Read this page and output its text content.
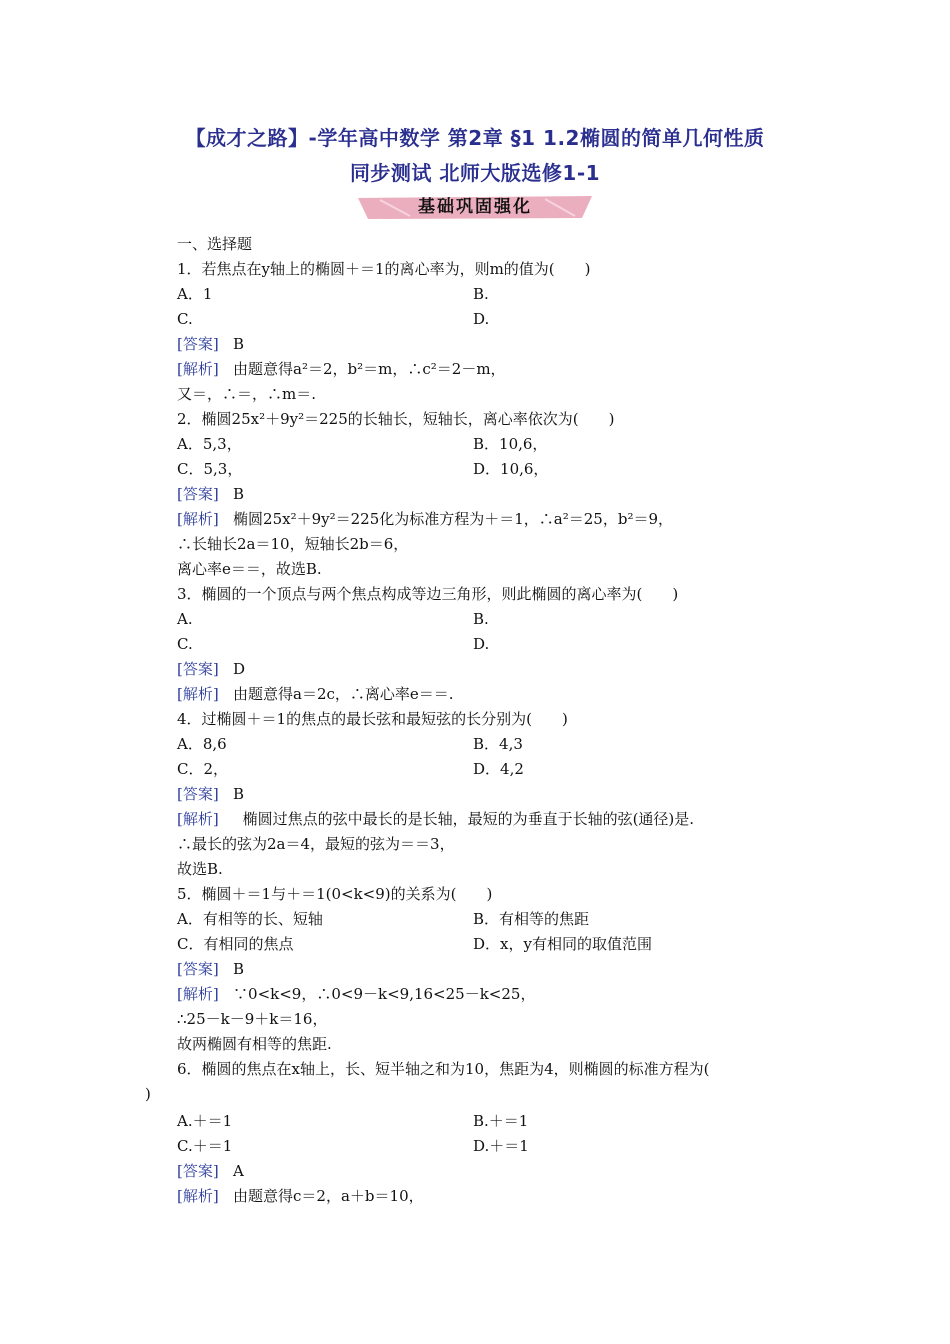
【成才之路】-学年高中数学 第2章 §1 1.2椭圆的简单几何性质
同步测试 北师大版选修1-1
基础巩固强化
一、选择题
1．若焦点在y轴上的椭圆＋＝1的离心率为，则m的值为(　　)
A．1	B.
C.	D.
[答案] B
[解析] 由题意得a²＝2，b²＝m，∴c²＝2－m，
又＝，∴＝，∴m＝.
2．椭圆25x²＋9y²＝225的长轴长，短轴长，离心率依次为(　　)
A．5,3，	B．10,6，
C．5,3，	D．10,6，
[答案] B
[解析] 椭圆25x²＋9y²＝225化为标准方程为＋＝1，∴a²＝25，b²＝9，
∴长轴长2a＝10，短轴长2b＝6，
离心率e＝＝，故选B.
3．椭圆的一个顶点与两个焦点构成等边三角形，则此椭圆的离心率为(　　)
A.	B.
C.	D.
[答案] D
[解析] 由题意得a＝2c，∴离心率e＝＝.
4．过椭圆＋＝1的焦点的最长弦和最短弦的长分别为(　　)
A．8,6	B．4,3
C．2，	D．4,2
[答案] B
[解析] 椭圆过焦点的弦中最长的是长轴，最短的为垂直于长轴的弦(通径)是.
∴最长的弦为2a＝4，最短的弦为＝＝3，
故选B.
5．椭圆＋＝1与＋＝1(0<k<9)的关系为(　　)
A．有相等的长、短轴	B．有相等的焦距
C．有相同的焦点	D．x，y有相同的取值范围
[答案] B
[解析] ∵0<k<9，∴0<9－k<9,16<25－k<25，
∴25－k－9＋k＝16，
故两椭圆有相等的焦距.
6．椭圆的焦点在x轴上，长、短半轴之和为10，焦距为4，则椭圆的标准方程为(
)
A.＋＝1	B.＋＝1
C.＋＝1	D.＋＝1
[答案] A
[解析] 由题意得c＝2，a＋b＝10，
